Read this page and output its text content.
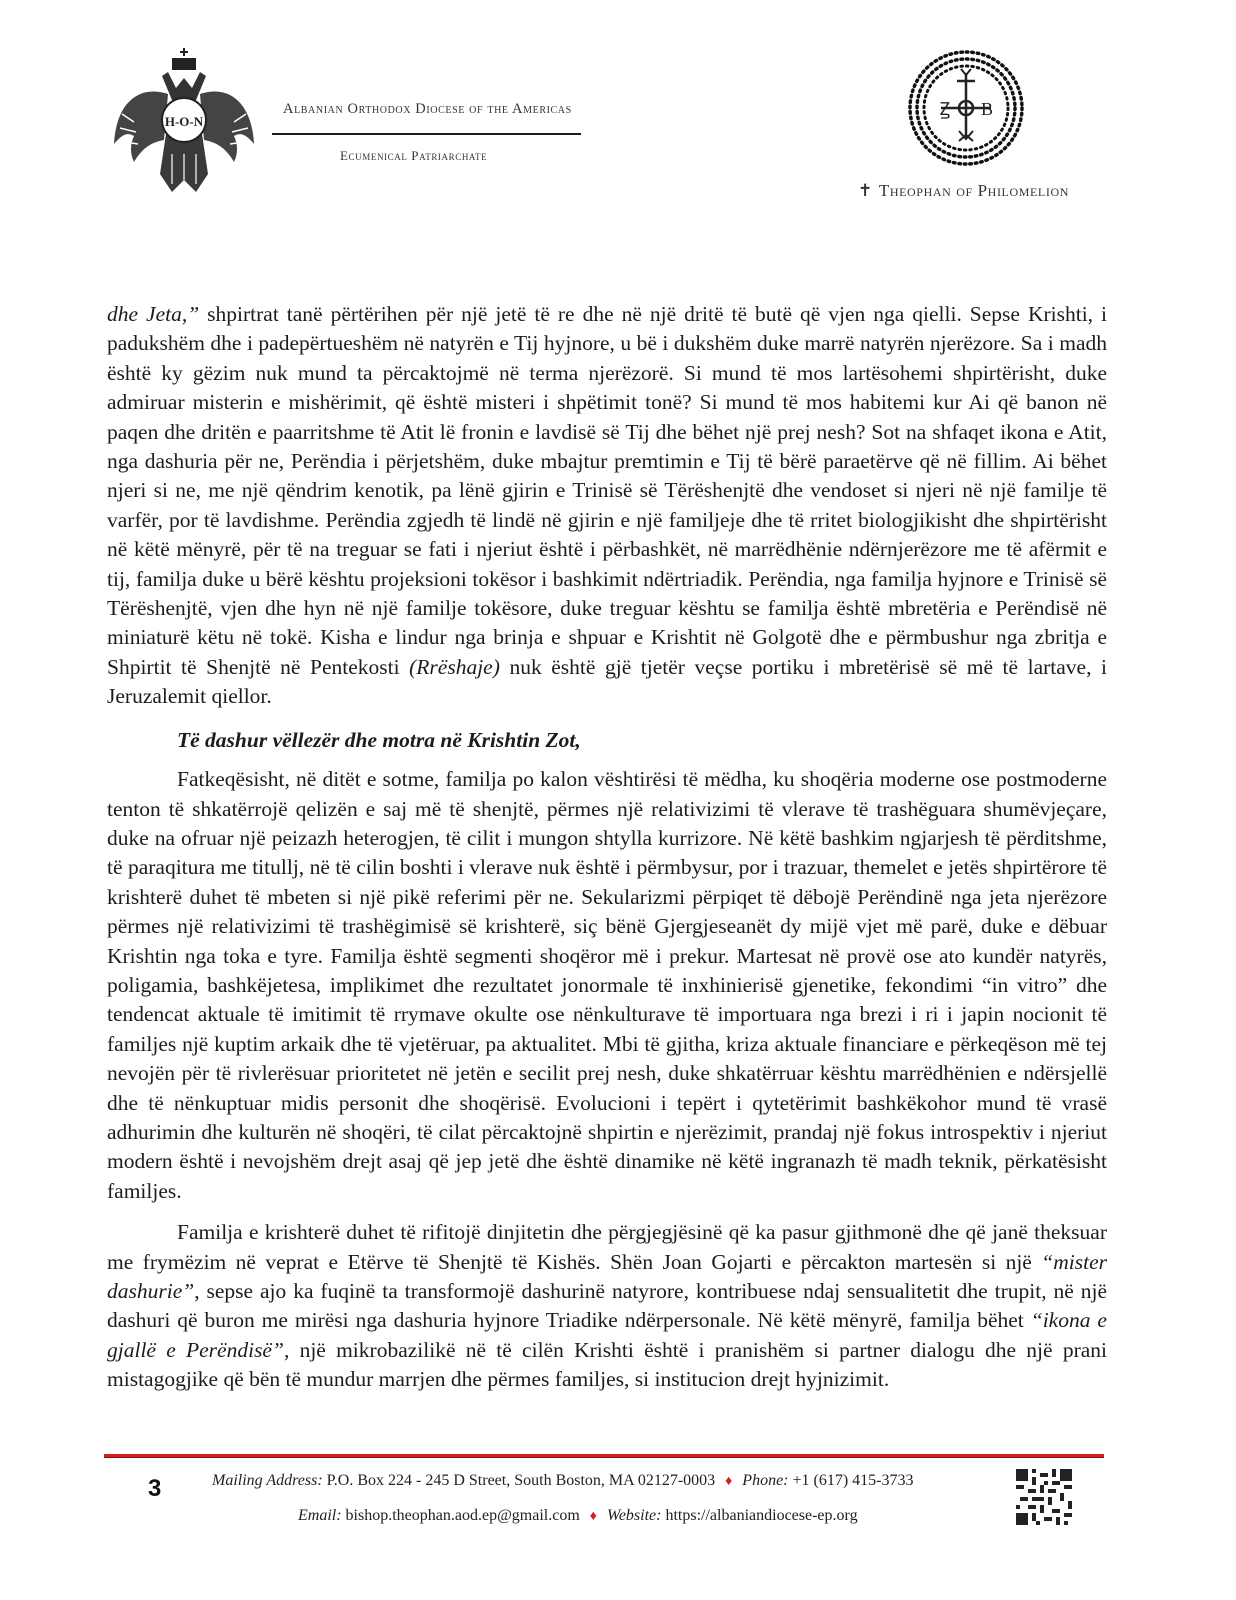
H-O-N
Albanian Orthodox Diocese of the Americas
Ecumenical Patriarchate
Ꙁ B
✝ Theophan of Philomelion

dhe Jeta,” shpirtrat tanë përtërihen për një jetë të re dhe në një dritë të butë që vjen nga qielli. Sepse Krishti, i padukshëm dhe i padepërtueshëm në natyrën e Tij hyjnore, u bë i dukshëm duke marrë natyrën njerëzore. Sa i madh është ky gëzim nuk mund ta përcaktojmë në terma njerëzorë. Si mund të mos lartësohemi shpirtërisht, duke admiruar misterin e mishërimit, që është misteri i shpëtimit tonë? Si mund të mos habitemi kur Ai që banon në paqen dhe dritën e paarritshme të Atit lë fronin e lavdisë së Tij dhe bëhet një prej nesh? Sot na shfaqet ikona e Atit, nga dashuria për ne, Perëndia i përjetshëm, duke mbajtur premtimin e Tij të bërë paraetërve që në fillim. Ai bëhet njeri si ne, me një qëndrim kenotik, pa lënë gjirin e Trinisë së Tërëshenjtë dhe vendoset si njeri në një familje të varfër, por të lavdishme. Perëndia zgjedh të lindë në gjirin e një familjeje dhe të rritet biologjikisht dhe shpirtërisht në këtë mënyrë, për të na treguar se fati i njeriut është i përbashkët, në marrëdhënie ndërnjerëzore me të afërmit e tij, familja duke u bërë kështu projeksioni tokësor i bashkimit ndërtriadik. Perëndia, nga familja hyjnore e Trinisë së Tërëshenjtë, vjen dhe hyn në një familje tokësore, duke treguar kështu se familja është mbretëria e Perëndisë në miniaturë këtu në tokë. Kisha e lindur nga brinja e shpuar e Krishtit në Golgotë dhe e përmbushur nga zbritja e Shpirtit të Shenjtë në Pentekosti (Rrëshaje) nuk është gjë tjetër veçse portiku i mbretërisë së më të lartave, i Jeruzalemit qiellor.

Të dashur vëllezër dhe motra në Krishtin Zot,

Fatkeqësisht, në ditët e sotme, familja po kalon vështirësi të mëdha, ku shoqëria moderne ose postmoderne tenton të shkatërrojë qelizën e saj më të shenjtë, përmes një relativizimi të vlerave të trashëguara shumëvjeçare, duke na ofruar një peizazh heterogjen, të cilit i mungon shtylla kurrizore. Në këtë bashkim ngjarjesh të përditshme, të paraqitura me titullj, në të cilin boshti i vlerave nuk është i përmbysur, por i trazuar, themelet e jetës shpirtërore të krishterë duhet të mbeten si një pikë referimi për ne. Sekularizmi përpiqet të dëbojë Perëndinë nga jeta njerëzore përmes një relativizimi të trashëgimisë së krishterë, siç bënë Gjergjeseanët dy mijë vjet më parë, duke e dëbuar Krishtin nga toka e tyre. Familja është segmenti shoqëror më i prekur. Martesat në provë ose ato kundër natyrës, poligamia, bashkëjetesa, implikimet dhe rezultatet jonormale të inxhinierisë gjenetike, fekondimi “in vitro” dhe tendencat aktuale të imitimit të rrymave okulte ose nënkulturave të importuara nga brezi i ri i japin nocionit të familjes një kuptim arkaik dhe të vjetëruar, pa aktualitet. Mbi të gjitha, kriza aktuale financiare e përkeqëson më tej nevojën për të rivlerësuar prioritetet në jetën e secilit prej nesh, duke shkatërruar kështu marrëdhënien e ndërsjellë dhe të nënkuptuar midis personit dhe shoqërisë. Evolucioni i tepërt i qytetërimit bashkëkohor mund të vrasë adhurimin dhe kulturën në shoqëri, të cilat përcaktojnë shpirtin e njerëzimit, prandaj një fokus introspektiv i njeriut modern është i nevojshëm drejt asaj që jep jetë dhe është dinamike në këtë ingranazh të madh teknik, përkatësisht familjes.

Familja e krishterë duhet të rifitojë dinjitetin dhe përgjegjësinë që ka pasur gjithmonë dhe që janë theksuar me frymëzim në veprat e Etërve të Shenjtë të Kishës. Shën Joan Gojarti e përcakton martesën si një “mister dashurie”, sepse ajo ka fuqinë ta transformojë dashurinë natyrore, kontribuese ndaj sensualitetit dhe trupit, në një dashuri që buron me mirësi nga dashuria hyjnore Triadike ndërpersonale. Në këtë mënyrë, familja bëhet “ikona e gjallë e Perëndisë”, një mikrobazilikë në të cilën Krishti është i pranishëm si partner dialogu dhe një prani mistagogjike që bën të mundur marrjen dhe përmes familjes, si institucion drejt hyjnizimit.

3	Mailing Address: P.O. Box 224 - 245 D Street, South Boston, MA 02127-0003 ♦ Phone: +1 (617) 415-3733
Email: bishop.theophan.aod.ep@gmail.com ♦ Website: https://albaniandiocese-ep.org
